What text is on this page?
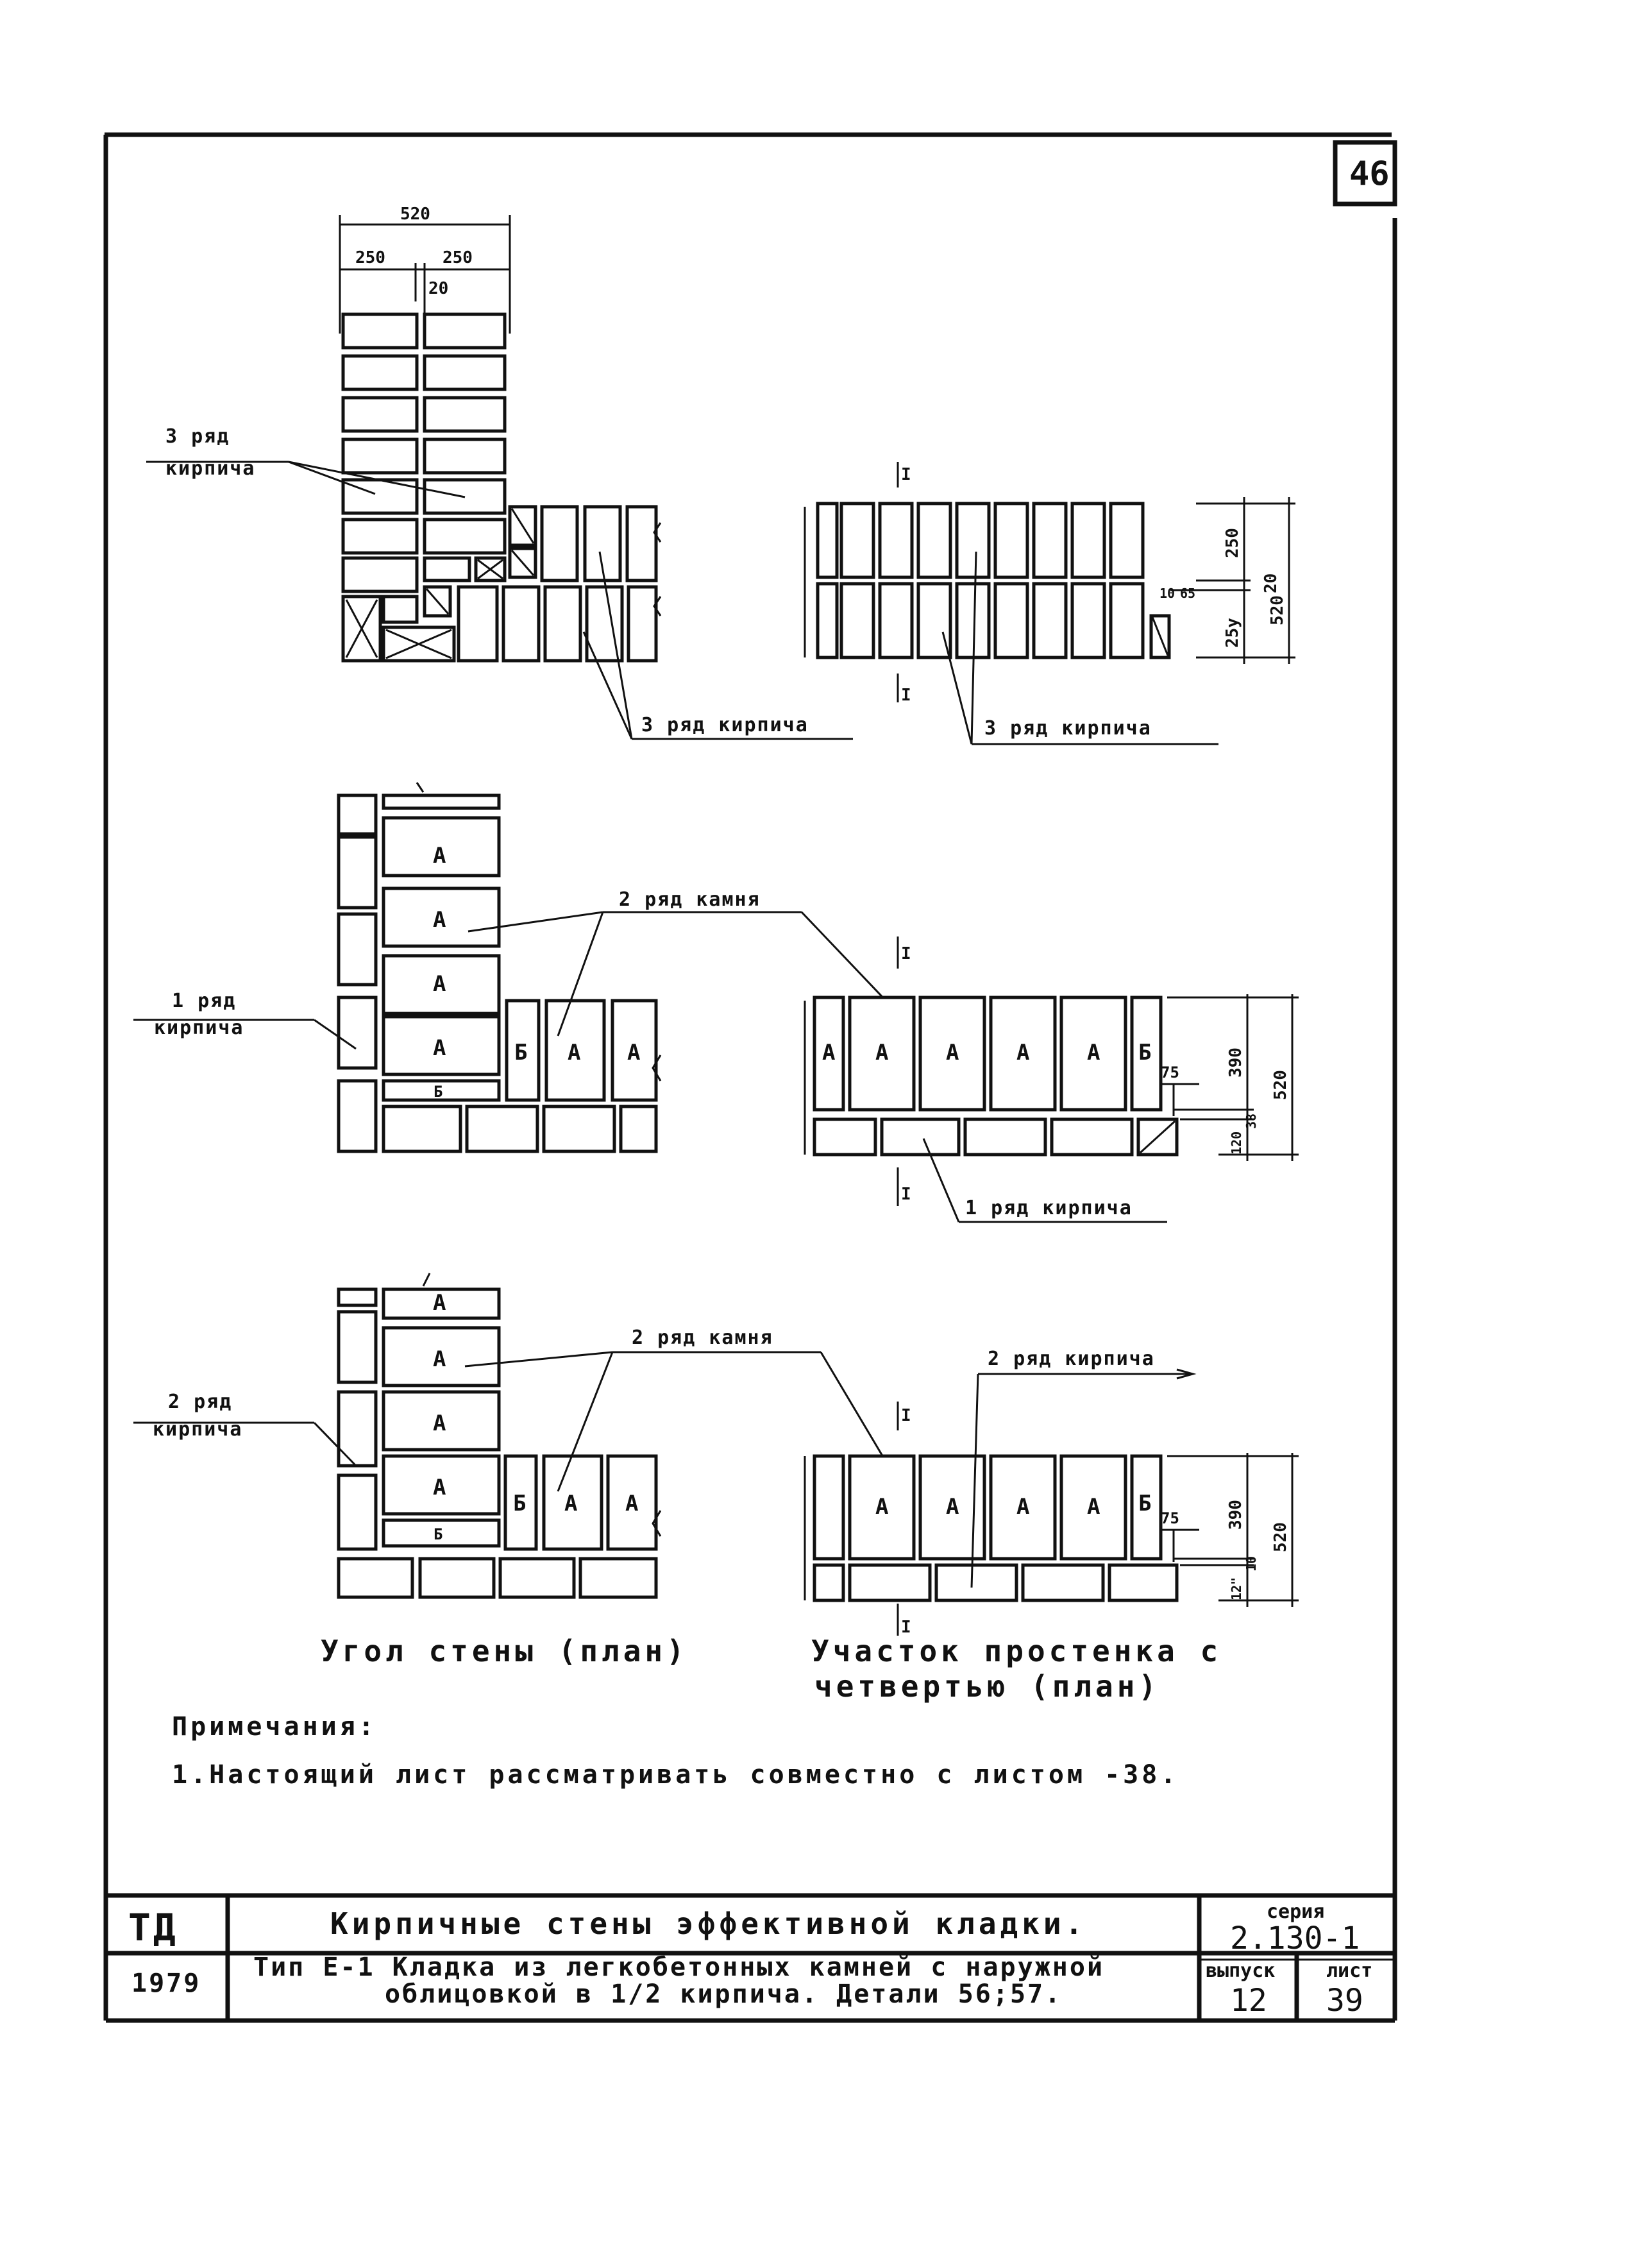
46
520
250	250
20
3 ряд
кирпича
3 ряд кирпича
I
I
250
20
25у
520
10 65
3 ряд кирпича
А
А
А
А	Б А А
Б
1 ряд
кирпича
2 ряд камня
I
I
А А	А	А	А Б	390
38
120
520
75
1 ряд кирпича
А
А
А
А
Б А А
Б
2 ряд
кирпича
2 ряд камня
I
I
А	А	А	А Б	390
10
12"
520
75
2 ряд кирпича
Угол стены (план)	Участок простенка с
четвертью (план)
Примечания:
1.Настоящий лист рассматривать совместно с листом -38.
ТД
1979
Кирпичные стены эффективной кладки.
Тип Е-1 Кладка из легкобетонных камней с наружной
облицовкой в 1/2 кирпича. Детали 56;57.
серия
2.130-1
выпуск
12
лист
39
